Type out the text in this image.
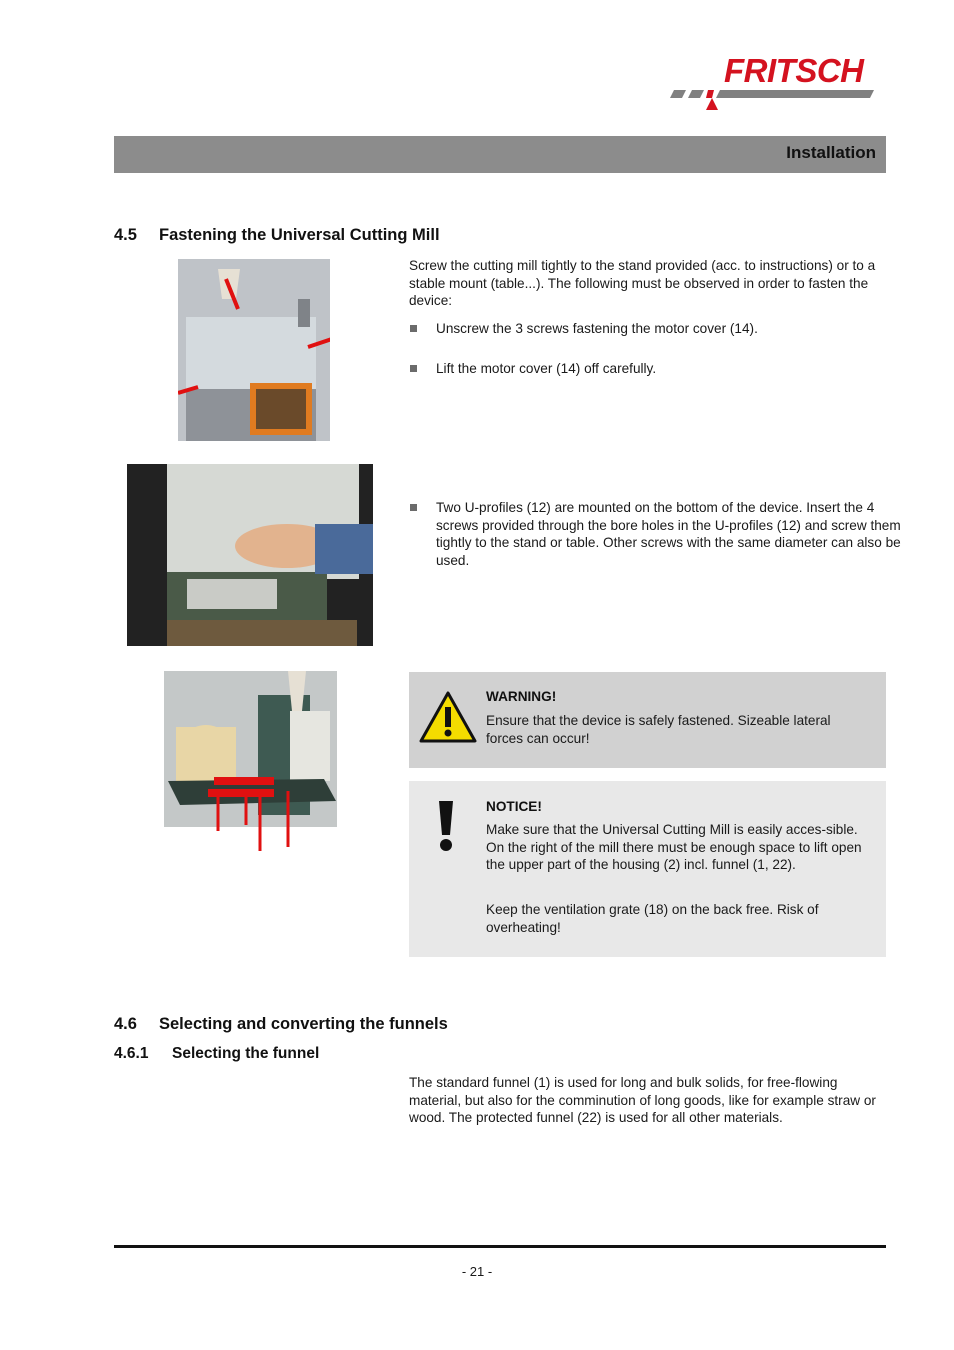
FRITSCH
Installation
4.5 Fastening the Universal Cutting Mill
Screw the cutting mill tightly to the stand provided (acc. to instructions) or to a stable mount (table...). The following must be observed in order to fasten the device:
Unscrew the 3 screws fastening the motor cover (14).
Lift the motor cover (14) off carefully.
Two U-profiles (12) are mounted on the bottom of the device. Insert the 4 screws provided through the bore holes in the U-profiles (12) and screw them tightly to the stand or table. Other screws with the same diameter can also be used.
WARNING!
Ensure that the device is safely fastened. Sizeable lateral forces can occur!
NOTICE!
Make sure that the Universal Cutting Mill is easily acces-sible. On the right of the mill there must be enough space to lift open the upper part of the housing (2) incl. funnel (1, 22).
Keep the ventilation grate (18) on the back free. Risk of overheating!
4.6 Selecting and converting the funnels
4.6.1 Selecting the funnel
The standard funnel (1) is used for long and bulk solids, for free-flowing material, but also for the comminution of long goods, like for example straw or wood. The protected funnel (22) is used for all other materials.
- 21 -
